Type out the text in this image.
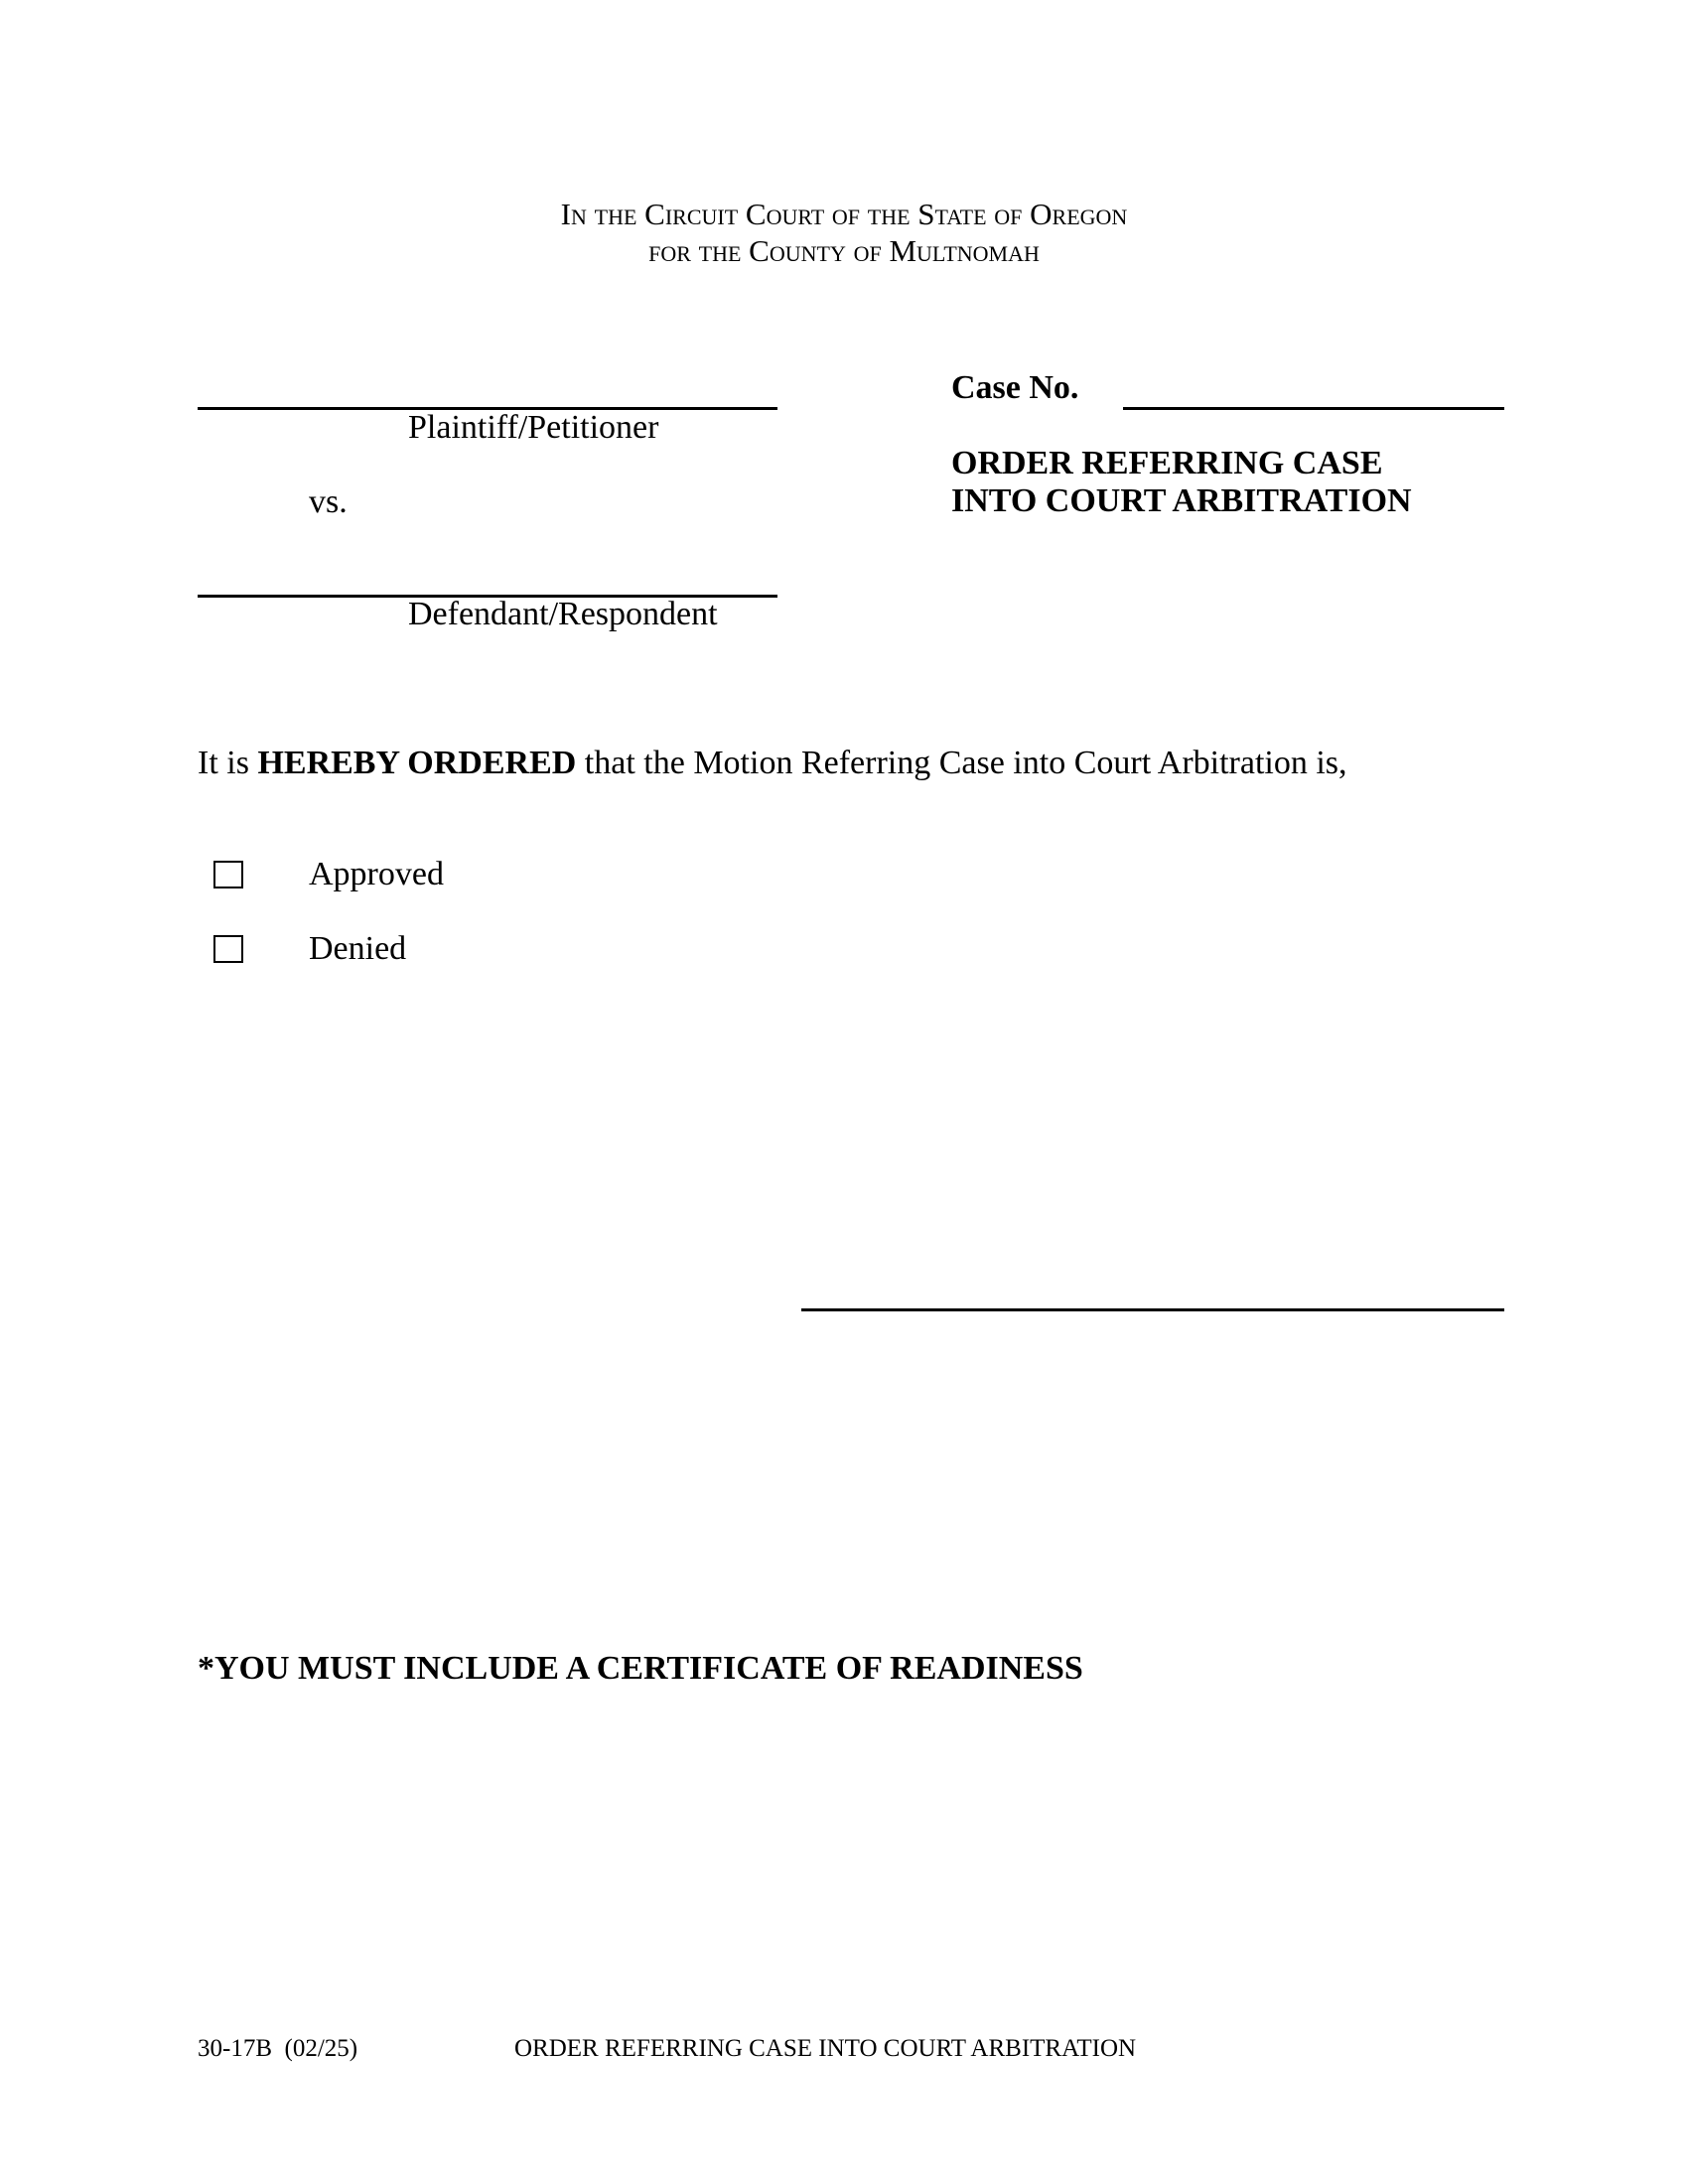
In the Circuit Court of the State of Oregon
for the County of Multnomah
Plaintiff/Petitioner
vs.
Defendant/Respondent
Case No.
ORDER REFERRING CASE
INTO COURT ARBITRATION
It is HEREBY ORDERED that the Motion Referring Case into Court Arbitration is,
Approved
Denied
*YOU MUST INCLUDE A CERTIFICATE OF READINESS
30-17B  (02/25)	ORDER REFERRING CASE INTO COURT ARBITRATION
